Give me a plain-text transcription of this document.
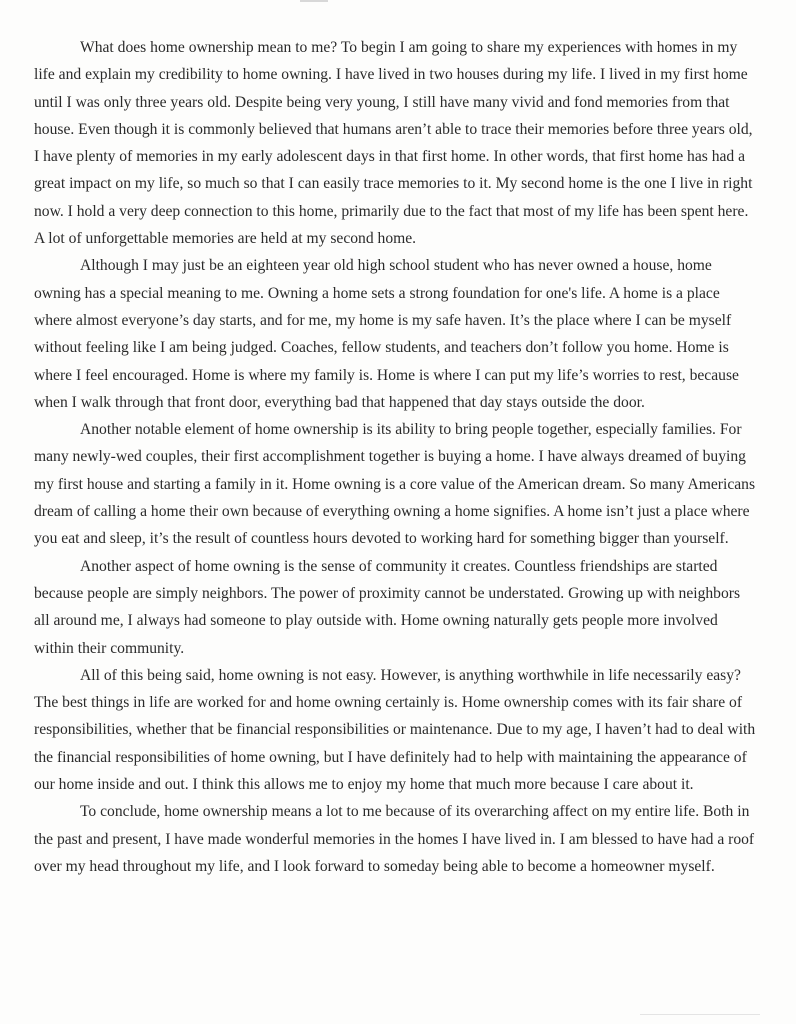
What does home ownership mean to me? To begin I am going to share my experiences with homes in my life and explain my credibility to home owning. I have lived in two houses during my life. I lived in my first home until I was only three years old. Despite being very young, I still have many vivid and fond memories from that house. Even though it is commonly believed that humans aren’t able to trace their memories before three years old, I have plenty of memories in my early adolescent days in that first home. In other words, that first home has had a great impact on my life, so much so that I can easily trace memories to it. My second home is the one I live in right now. I hold a very deep connection to this home, primarily due to the fact that most of my life has been spent here. A lot of unforgettable memories are held at my second home.

Although I may just be an eighteen year old high school student who has never owned a house, home owning has a special meaning to me. Owning a home sets a strong foundation for one's life. A home is a place where almost everyone’s day starts, and for me, my home is my safe haven. It’s the place where I can be myself without feeling like I am being judged. Coaches, fellow students, and teachers don’t follow you home. Home is where I feel encouraged. Home is where my family is. Home is where I can put my life’s worries to rest, because when I walk through that front door, everything bad that happened that day stays outside the door.

Another notable element of home ownership is its ability to bring people together, especially families. For many newly-wed couples, their first accomplishment together is buying a home. I have always dreamed of buying my first house and starting a family in it. Home owning is a core value of the American dream. So many Americans dream of calling a home their own because of everything owning a home signifies. A home isn’t just a place where you eat and sleep, it’s the result of countless hours devoted to working hard for something bigger than yourself.

Another aspect of home owning is the sense of community it creates. Countless friendships are started because people are simply neighbors. The power of proximity cannot be understated. Growing up with neighbors all around me, I always had someone to play outside with. Home owning naturally gets people more involved within their community.

All of this being said, home owning is not easy. However, is anything worthwhile in life necessarily easy? The best things in life are worked for and home owning certainly is. Home ownership comes with its fair share of responsibilities, whether that be financial responsibilities or maintenance. Due to my age, I haven’t had to deal with the financial responsibilities of home owning, but I have definitely had to help with maintaining the appearance of our home inside and out. I think this allows me to enjoy my home that much more because I care about it.

To conclude, home ownership means a lot to me because of its overarching affect on my entire life. Both in the past and present, I have made wonderful memories in the homes I have lived in. I am blessed to have had a roof over my head throughout my life, and I look forward to someday being able to become a homeowner myself.
